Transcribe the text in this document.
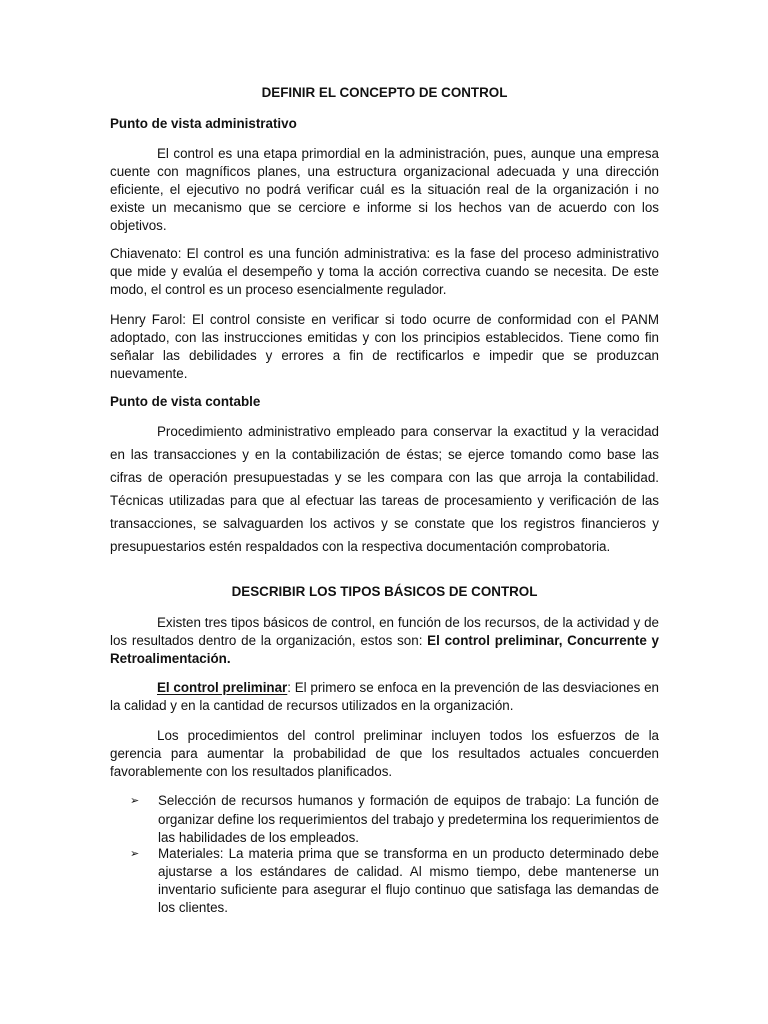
DEFINIR EL CONCEPTO DE CONTROL

Punto de vista administrativo

El control es una etapa primordial en la administración, pues, aunque una empresa cuente con magníficos planes, una estructura organizacional adecuada y una dirección eficiente, el ejecutivo no podrá verificar cuál es la situación real de la organización i no existe un mecanismo que se cerciore e informe si los hechos van de acuerdo con los objetivos.

Chiavenato: El control es una función administrativa: es la fase del proceso administrativo que mide y evalúa el desempeño y toma la acción correctiva cuando se necesita. De este modo, el control es un proceso esencialmente regulador.

Henry Farol: El control consiste en verificar si todo ocurre de conformidad con el PANM adoptado, con las instrucciones emitidas y con los principios establecidos. Tiene como fin señalar las debilidades y errores a fin de rectificarlos e impedir que se produzcan nuevamente.

Punto de vista contable

Procedimiento administrativo empleado para conservar la exactitud y la veracidad en las transacciones y en la contabilización de éstas; se ejerce tomando como base las cifras de operación presupuestadas y se les compara con las que arroja la contabilidad. Técnicas utilizadas para que al efectuar las tareas de procesamiento y verificación de las transacciones, se salvaguarden los activos y se constate que los registros financieros y presupuestarios estén respaldados con la respectiva documentación comprobatoria.

DESCRIBIR LOS TIPOS BÁSICOS DE CONTROL

Existen tres tipos básicos de control, en función de los recursos, de la actividad y de los resultados dentro de la organización, estos son: El control preliminar, Concurrente y Retroalimentación.

El control preliminar: El primero se enfoca en la prevención de las desviaciones en la calidad y en la cantidad de recursos utilizados en la organización.

Los procedimientos del control preliminar incluyen todos los esfuerzos de la gerencia para aumentar la probabilidad de que los resultados actuales concuerden favorablemente con los resultados planificados.

➢ Selección de recursos humanos y formación de equipos de trabajo: La función de organizar define los requerimientos del trabajo y predetermina los requerimientos de las habilidades de los empleados.
➢ Materiales: La materia prima que se transforma en un producto determinado debe ajustarse a los estándares de calidad. Al mismo tiempo, debe mantenerse un inventario suficiente para asegurar el flujo continuo que satisfaga las demandas de los clientes.
